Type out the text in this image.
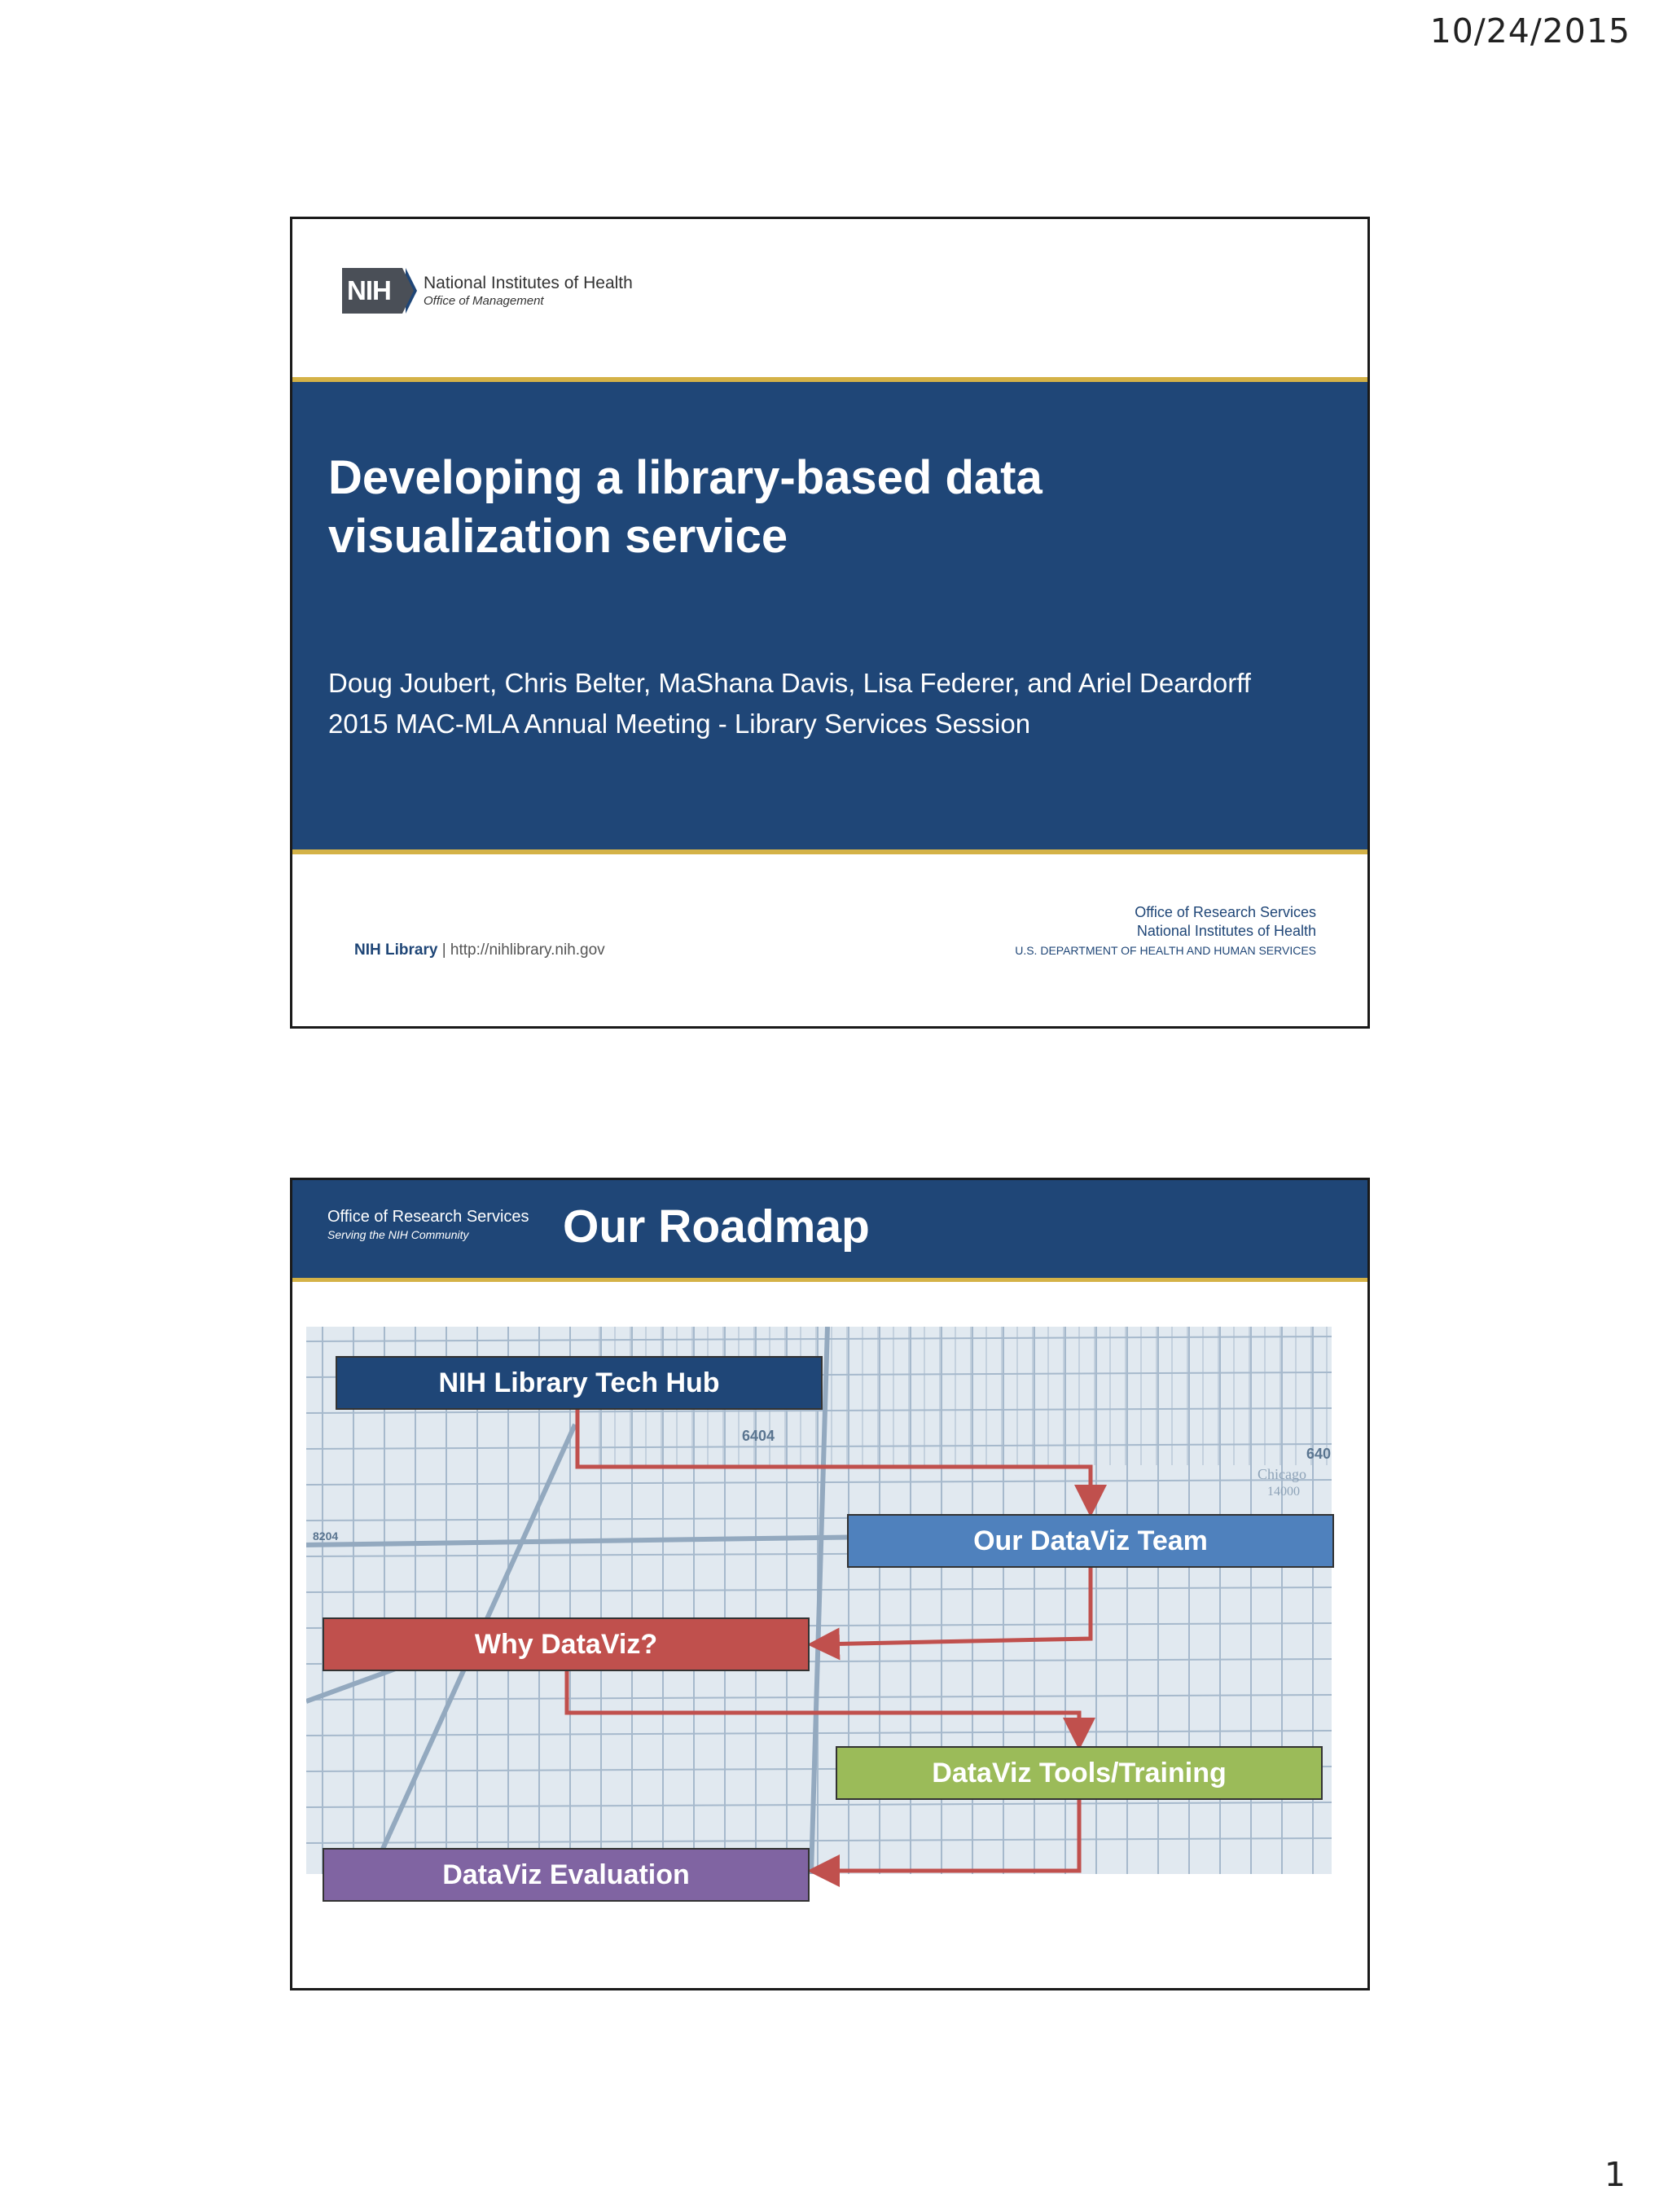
10/24/2015
NIH	National Institutes of Health
Office of Management
Developing a library-based data
visualization service
Doug Joubert, Chris Belter, MaShana Davis, Lisa Federer, and Ariel Deardorff
2015 MAC-MLA Annual Meeting - Library Services Session
NIH Library | http://nihlibrary.nih.gov
Office of Research Services
National Institutes of Health
U.S. DEPARTMENT OF HEALTH AND HUMAN SERVICES
Office of Research Services
Serving the NIH Community	Our Roadmap
6404
8204
640
Chicago
14000
NIH Library Tech Hub
Our DataViz Team
Why DataViz?
DataViz Tools/Training
DataViz Evaluation
1
